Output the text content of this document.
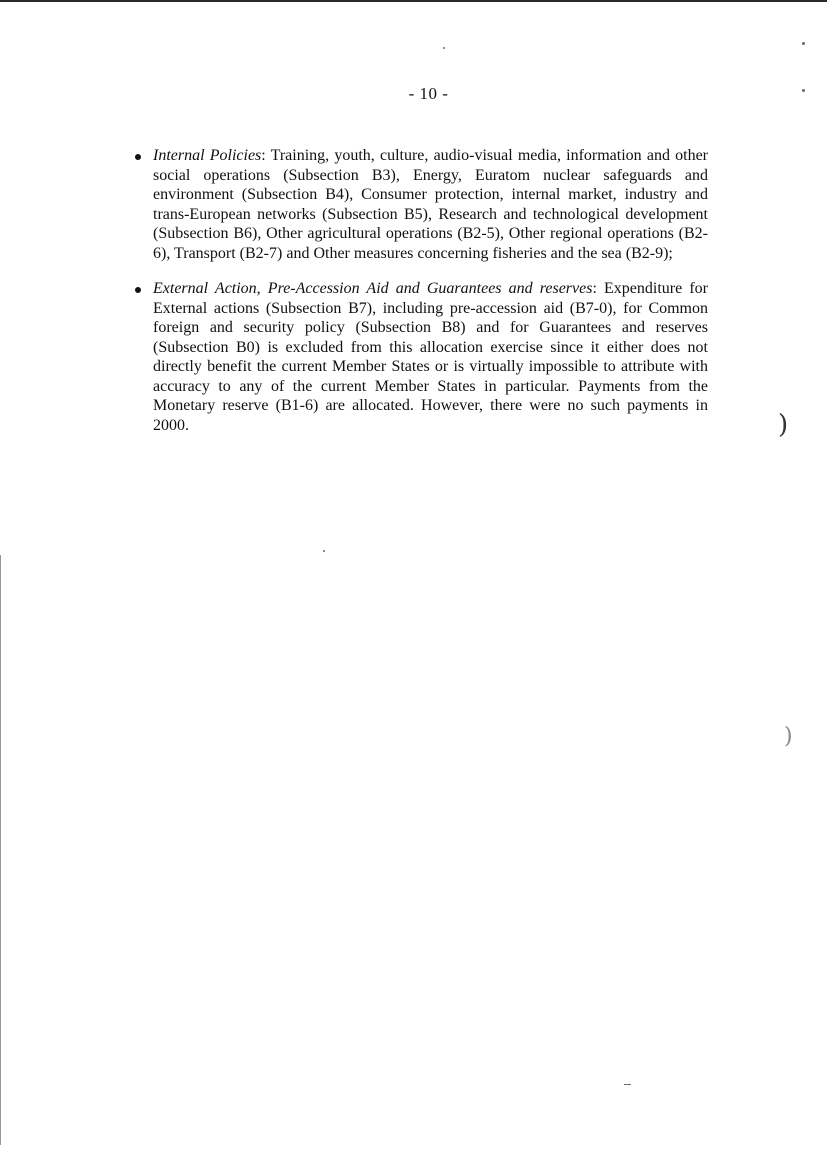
)
)
- 10 -
Internal Policies: Training, youth, culture, audio-visual media, information and other social operations (Subsection B3), Energy, Euratom nuclear safeguards and environment (Subsection B4), Consumer protection, internal market, industry and trans-European networks (Subsection B5), Research and technological development (Subsection B6), Other agricultural operations (B2-5), Other regional operations (B2-6), Transport (B2-7) and Other measures concerning fisheries and the sea (B2-9);
External Action, Pre-Accession Aid and Guarantees and reserves: Expenditure for External actions (Subsection B7), including pre-accession aid (B7-0), for Common foreign and security policy (Subsection B8) and for Guarantees and reserves (Subsection B0) is excluded from this allocation exercise since it either does not directly benefit the current Member States or is virtually impossible to attribute with accuracy to any of the current Member States in particular. Payments from the Monetary reserve (B1-6) are allocated. However, there were no such payments in 2000.
